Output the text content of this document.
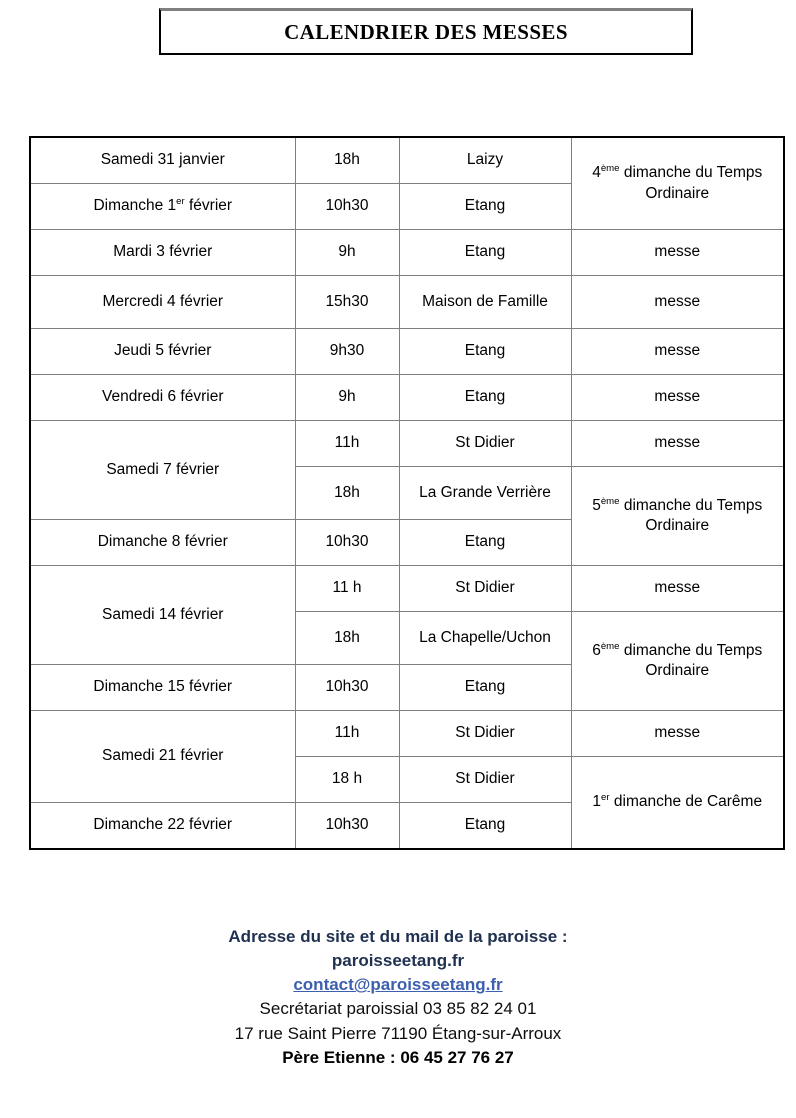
CALENDRIER DES MESSES
Samedi 31 janvier	18h	Laizy	4ème dimanche du Temps Ordinaire
Dimanche 1er février	10h30	Etang	
Mardi 3 février	9h	Etang	messe
Mercredi 4 février	15h30	Maison de Famille	messe
Jeudi 5 février	9h30	Etang	messe
Vendredi 6 février	9h	Etang	messe
Samedi 7 février	11h	St Didier	messe
	18h	La Grande Verrière	5ème dimanche du Temps Ordinaire
Dimanche 8 février	10h30	Etang	
Samedi 14 février	11 h	St Didier	messe
	18h	La Chapelle/Uchon	6ème dimanche du Temps Ordinaire
Dimanche 15 février	10h30	Etang	
Samedi 21 février	11h	St Didier	messe
	18 h	St Didier	1er dimanche de Carême
Dimanche 22 février	10h30	Etang	
Adresse du site et du mail de la paroisse :
paroisseetang.fr
contact@paroisseetang.fr
Secrétariat paroissial 03 85 82 24 01
17 rue Saint Pierre 71190 Étang-sur-Arroux
Père Etienne : 06 45 27 76 27
